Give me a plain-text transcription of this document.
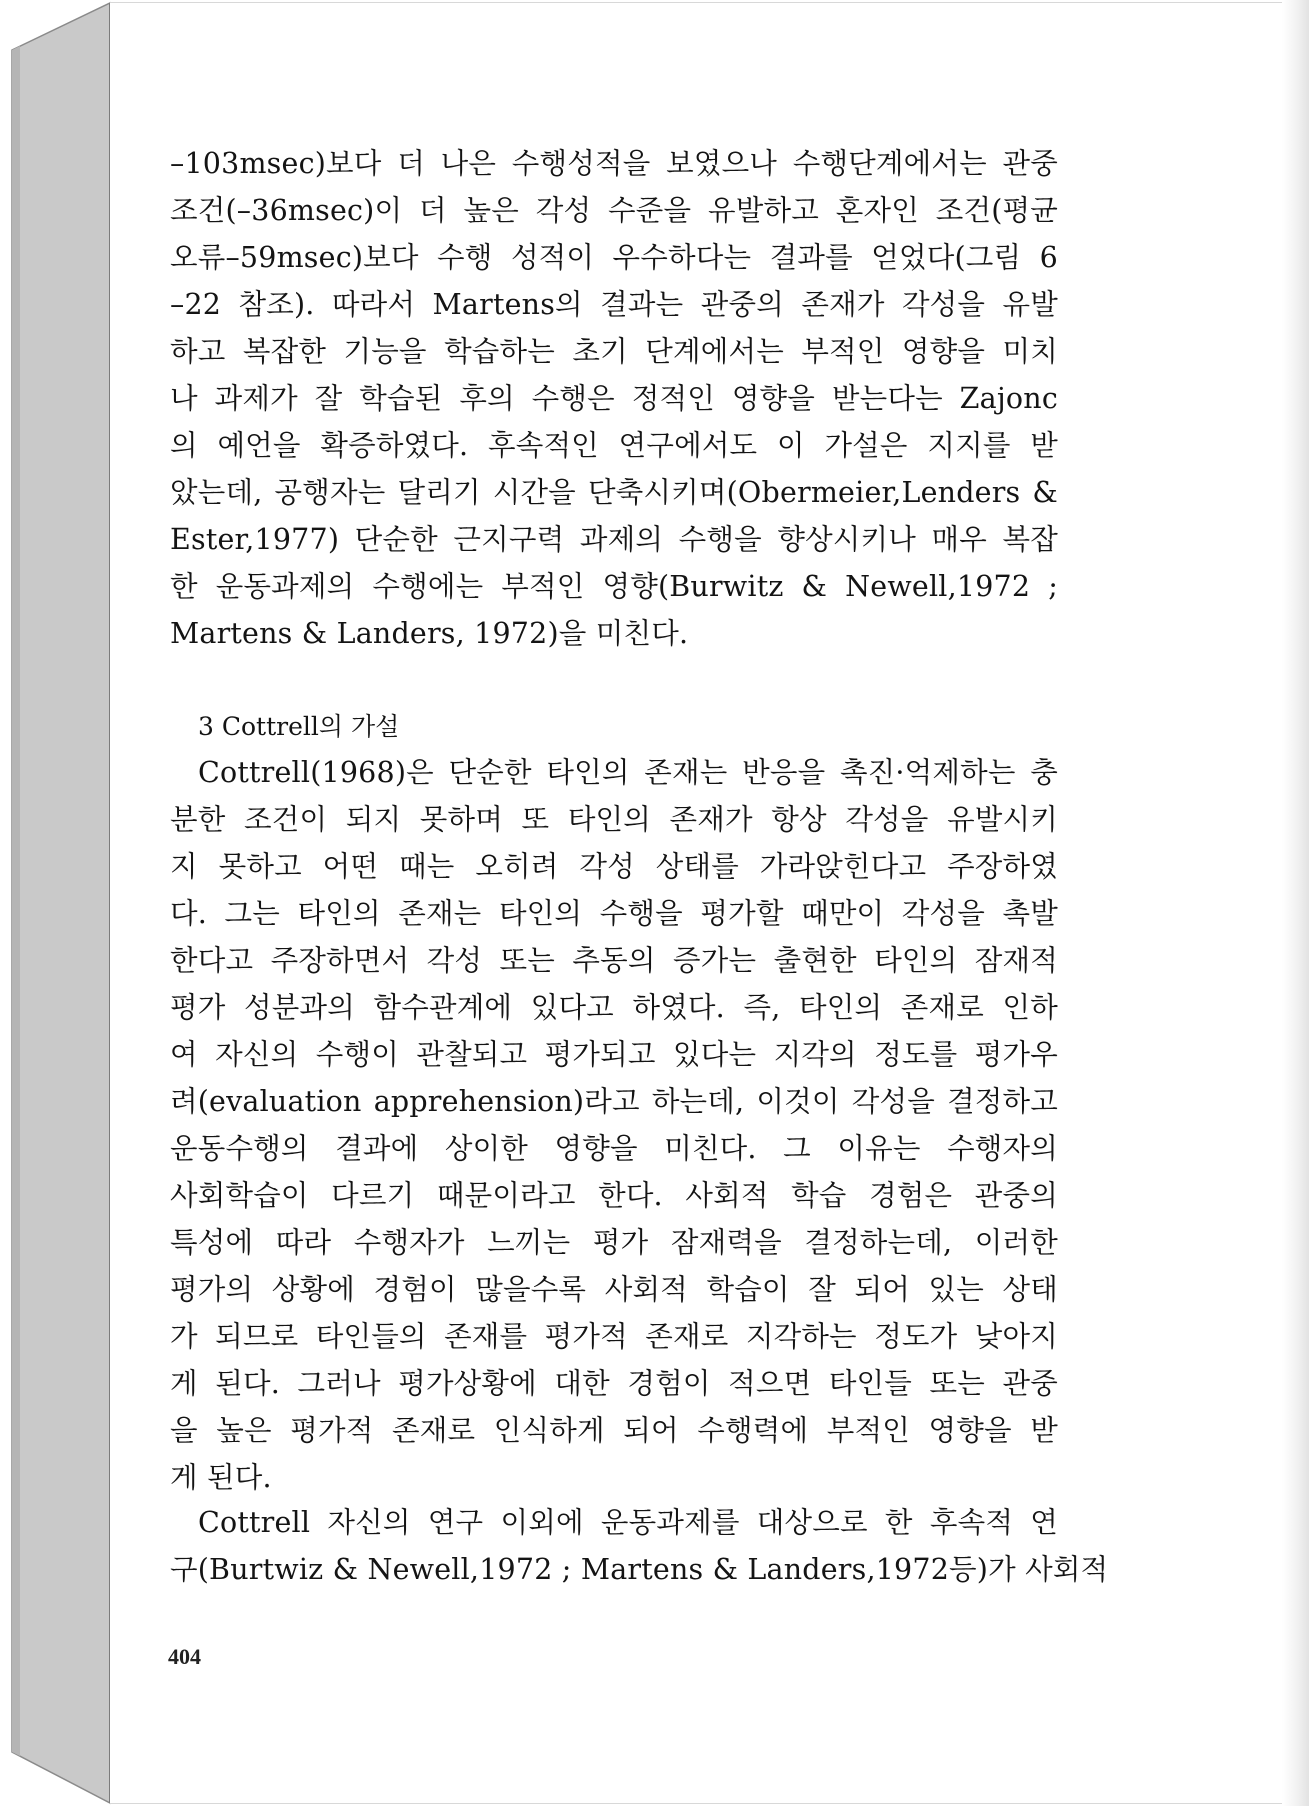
–103msec)보다 더 나은 수행성적을 보였으나 수행단계에서는 관중
조건(–36msec)이 더 높은 각성 수준을 유발하고 혼자인 조건(평균
오류–59msec)보다 수행 성적이 우수하다는 결과를 얻었다(그림 6
–22 참조). 따라서 Martens의 결과는 관중의 존재가 각성을 유발
하고 복잡한 기능을 학습하는 초기 단계에서는 부적인 영향을 미치
나 과제가 잘 학습된 후의 수행은 정적인 영향을 받는다는 Zajonc
의 예언을 확증하였다. 후속적인 연구에서도 이 가설은 지지를 받
았는데, 공행자는 달리기 시간을 단축시키며(Obermeier,Lenders &
Ester,1977) 단순한 근지구력 과제의 수행을 향상시키나 매우 복잡
한 운동과제의 수행에는 부적인 영향(Burwitz & Newell,1972 ;
Martens & Landers, 1972)을 미친다.
3 Cottrell의 가설
Cottrell(1968)은 단순한 타인의 존재는 반응을 촉진·억제하는 충
분한 조건이 되지 못하며 또 타인의 존재가 항상 각성을 유발시키
지 못하고 어떤 때는 오히려 각성 상태를 가라앉힌다고 주장하였
다. 그는 타인의 존재는 타인의 수행을 평가할 때만이 각성을 촉발
한다고 주장하면서 각성 또는 추동의 증가는 출현한 타인의 잠재적
평가 성분과의 함수관계에 있다고 하였다. 즉, 타인의 존재로 인하
여 자신의 수행이 관찰되고 평가되고 있다는 지각의 정도를 평가우
려(evaluation apprehension)라고 하는데, 이것이 각성을 결정하고
운동수행의 결과에 상이한 영향을 미친다. 그 이유는 수행자의
사회학습이 다르기 때문이라고 한다. 사회적 학습 경험은 관중의
특성에 따라 수행자가 느끼는 평가 잠재력을 결정하는데, 이러한
평가의 상황에 경험이 많을수록 사회적 학습이 잘 되어 있는 상태
가 되므로 타인들의 존재를 평가적 존재로 지각하는 정도가 낮아지
게 된다. 그러나 평가상황에 대한 경험이 적으면 타인들 또는 관중
을 높은 평가적 존재로 인식하게 되어 수행력에 부적인 영향을 받
게 된다.
Cottrell 자신의 연구 이외에 운동과제를 대상으로 한 후속적 연
구(Burtwiz & Newell,1972 ; Martens & Landers,1972등)가 사회적
404
